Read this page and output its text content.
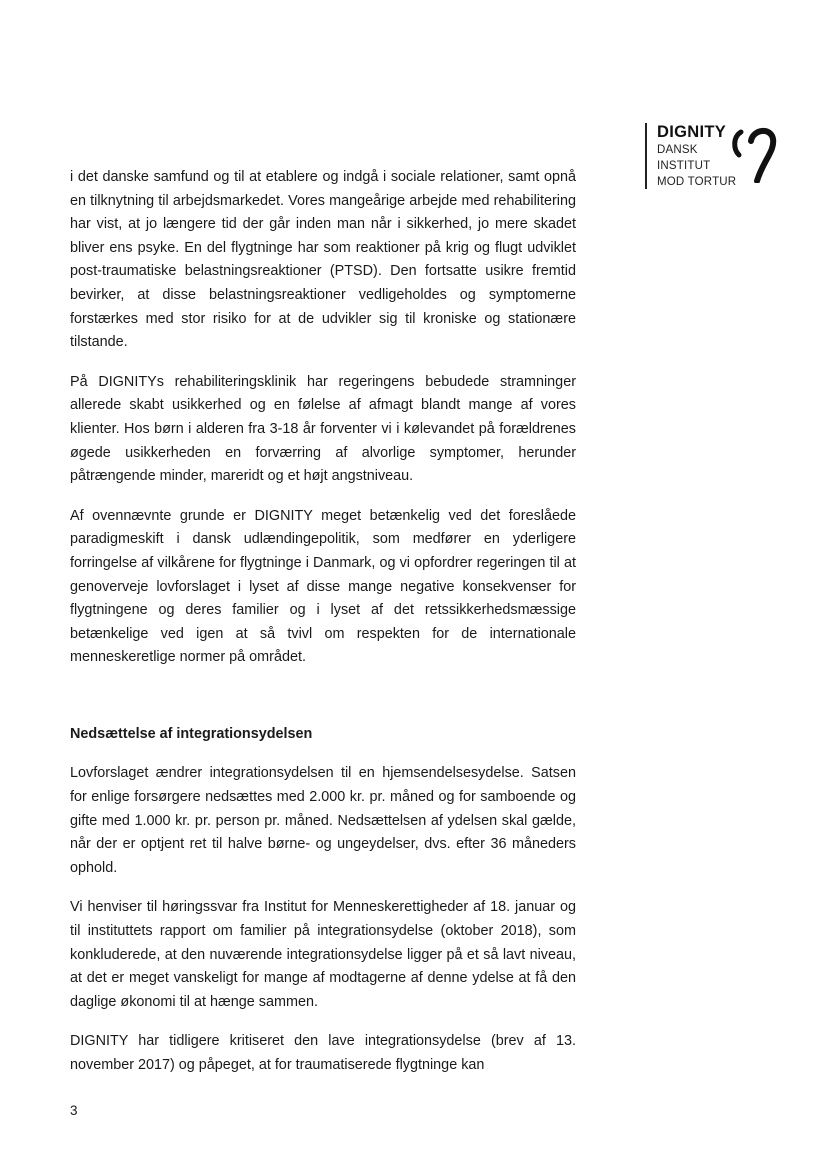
DIGNITY
DANSK
INSTITUT
MOD TORTUR

i det danske samfund og til at etablere og indgå i sociale relationer, samt opnå en tilknytning til arbejdsmarkedet. Vores mangeårige arbejde med rehabilitering har vist, at jo længere tid der går inden man når i sikkerhed, jo mere skadet bliver ens psyke. En del flygtninge har som reaktioner på krig og flugt udviklet post-traumatiske belastningsreaktioner (PTSD). Den fortsatte usikre fremtid bevirker, at disse belastningsreaktioner vedligeholdes og symptomerne forstærkes med stor risiko for at de udvikler sig til kroniske og stationære tilstande.

På DIGNITYs rehabiliteringsklinik har regeringens bebudede stramninger allerede skabt usikkerhed og en følelse af afmagt blandt mange af vores klienter. Hos børn i alderen fra 3-18 år forventer vi i kølevandet på forældrenes øgede usikkerheden en forværring af alvorlige symptomer, herunder påtrængende minder, mareridt og et højt angstniveau.

Af ovennævnte grunde er DIGNITY meget betænkelig ved det foreslåede paradigmeskift i dansk udlændingepolitik, som medfører en yderligere forringelse af vilkårene for flygtninge i Danmark, og vi opfordrer regeringen til at genoverveje lovforslaget i lyset af disse mange negative konsekvenser for flygtningene og deres familier og i lyset af det retssikkerhedsmæssige betænkelige ved igen at så tvivl om respekten for de internationale menneskeretlige normer på området.

Nedsættelse af integrationsydelsen

Lovforslaget ændrer integrationsydelsen til en hjemsendelsesydelse. Satsen for enlige forsørgere nedsættes med 2.000 kr. pr. måned og for samboende og gifte med 1.000 kr. pr. person pr. måned. Nedsættelsen af ydelsen skal gælde, når der er optjent ret til halve børne- og ungeydelser, dvs. efter 36 måneders ophold.

Vi henviser til høringssvar fra Institut for Menneskerettigheder af 18. januar og til instituttets rapport om familier på integrationsydelse (oktober 2018), som konkluderede, at den nuværende integrationsydelse ligger på et så lavt niveau, at det er meget vanskeligt for mange af modtagerne af denne ydelse at få den daglige økonomi til at hænge sammen.

DIGNITY har tidligere kritiseret den lave integrationsydelse (brev af 13. november 2017) og påpeget, at for traumatiserede flygtninge kan

3
